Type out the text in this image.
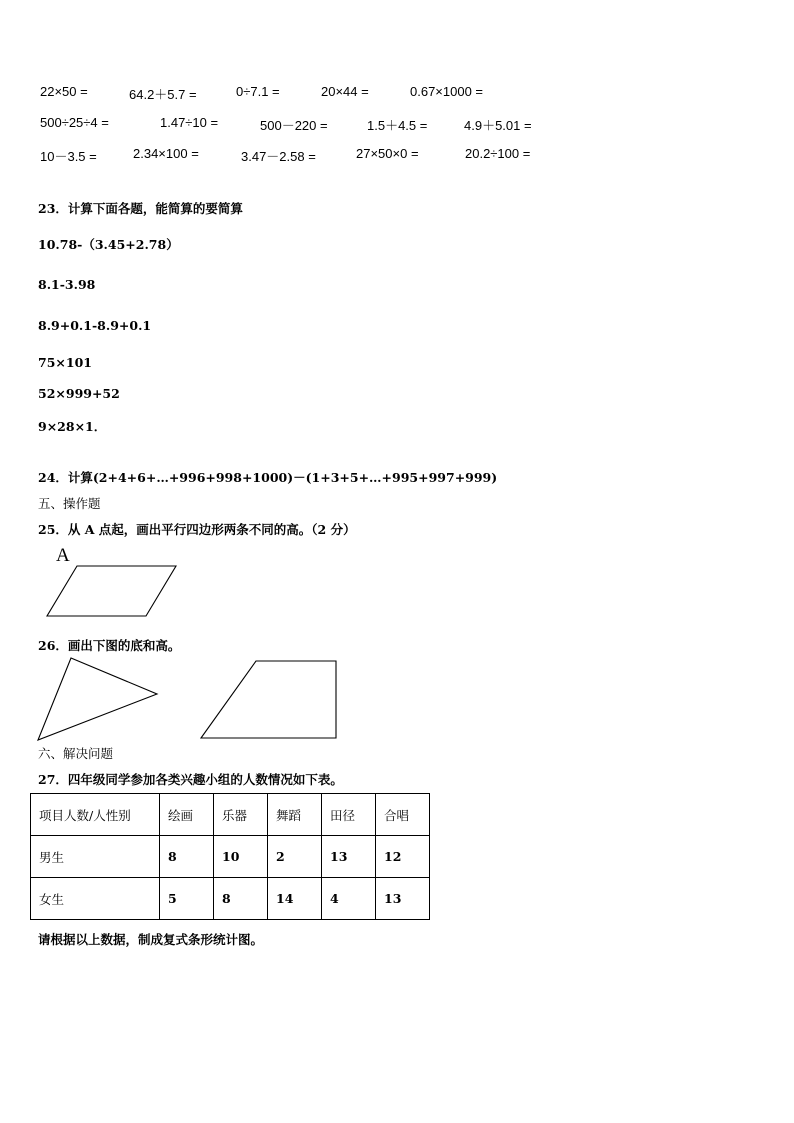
22×50 =	64.2＋5.7 =	0÷7.1 =	20×44 =	0.67×1000 =
500÷25÷4 =	1.47÷10 =	500－220 =	1.5＋4.5 =	4.9＋5.01 =
10－3.5 =	2.34×100 =	3.47－2.58 =	27×50×0 =	20.2÷100 =
23．计算下面各题，能简算的要简算
10.78-（3.45+2.78）
8.1-3.98
8.9+0.1-8.9+0.1
75×101
52×999+52
9×28×1．
24．计算(2+4+6+…+996+998+1000)－(1+3+5+…+995+997+999)
五、操作题
25．从 A 点起，画出平行四边形两条不同的高。（2 分）
A
26．画出下图的底和高。
六、解决问题
27．四年级同学参加各类兴趣小组的人数情况如下表。
项目人数/人性别	绘画	乐器	舞蹈	田径	合唱
男生	8	10	2	13	12
女生	5	8	14	4	13
请根据以上数据，制成复式条形统计图。
